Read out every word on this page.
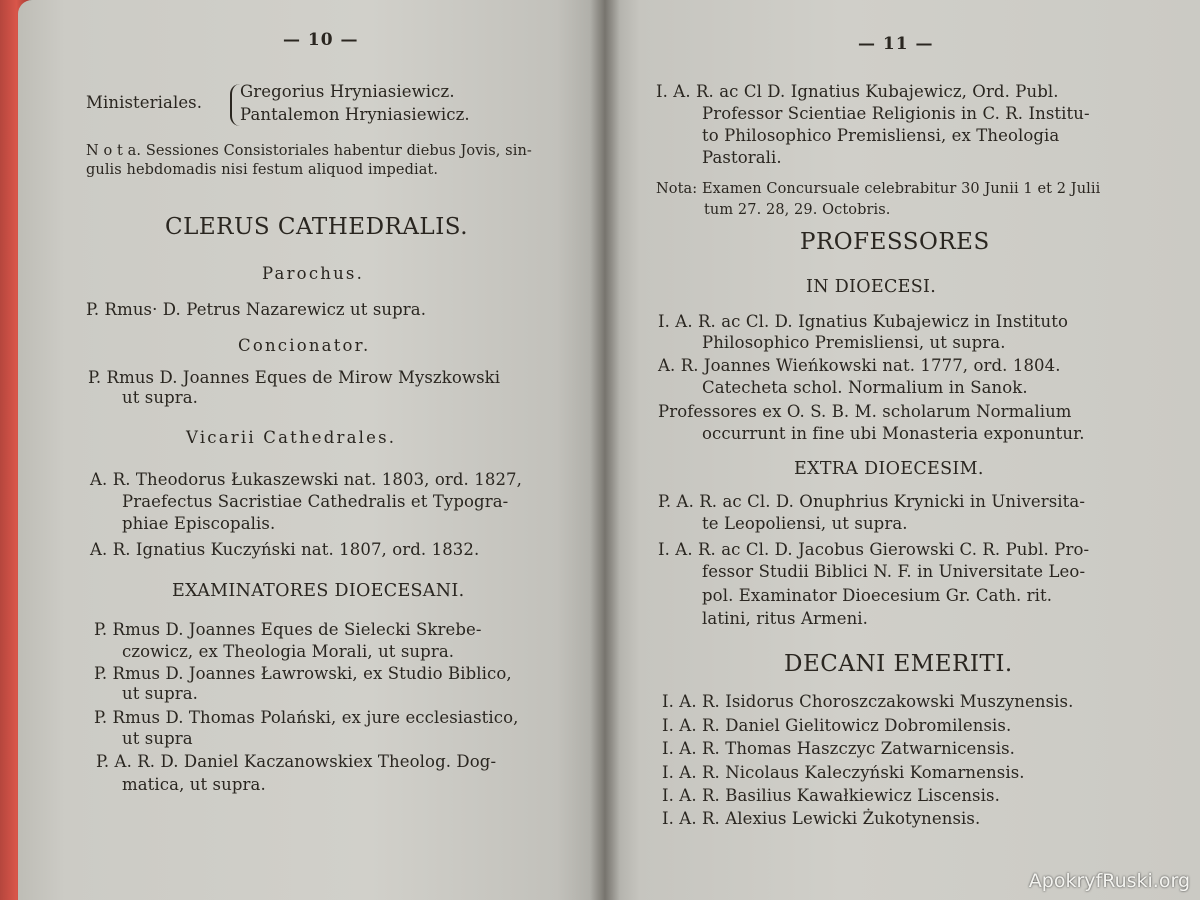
— 10 —
Ministeriales.
Gregorius Hryniasiewicz.
Pantalemon Hryniasiewicz.
N o t a. Sessiones Consistoriales habentur diebus Jovis, sin-
gulis hebdomadis nisi festum aliquod impediat.
CLERUS CATHEDRALIS.
Parochus.
P. Rmus· D. Petrus Nazarewicz ut supra.
Concionator.
P. Rmus D. Joannes Eques de Mirow Myszkowski
ut supra.
Vicarii Cathedrales.
A. R. Theodorus Łukaszewski nat. 1803, ord. 1827,
Praefectus Sacristiae Cathedralis et Typogra-
phiae Episcopalis.
A. R. Ignatius Kuczyński nat. 1807, ord. 1832.
EXAMINATORES DIOECESANI.
P. Rmus D. Joannes Eques de Sielecki Skrebe-
czowicz, ex Theologia Morali, ut supra.
P. Rmus D. Joannes Ławrowski, ex Studio Biblico,
ut supra.
P. Rmus D. Thomas Polański, ex jure ecclesiastico,
ut supra
P. A. R. D. Daniel Kaczanowskiex Theolog. Dog-
matica, ut supra.
— 11 —
I. A. R. ac Cl D. Ignatius Kubajewicz, Ord. Publ.
Professor Scientiae Religionis in C. R. Institu-
to Philosophico Premisliensi, ex Theologia
Pastorali.
Nota: Examen Concursuale celebrabitur 30 Junii 1 et 2 Julii
tum 27. 28, 29. Octobris.
PROFESSORES
IN DIOECESI.
I. A. R. ac Cl. D. Ignatius Kubajewicz in Instituto
Philosophico Premisliensi, ut supra.
A. R. Joannes Wieńkowski nat. 1777, ord. 1804.
Catecheta schol. Normalium in Sanok.
Professores ex O. S. B. M. scholarum Normalium
occurrunt in fine ubi Monasteria exponuntur.
EXTRA DIOECESIM.
P. A. R. ac Cl. D. Onuphrius Krynicki in Universita-
te Leopoliensi, ut supra.
I. A. R. ac Cl. D. Jacobus Gierowski C. R. Publ. Pro-
fessor Studii Biblici N. F. in Universitate Leo-
pol. Examinator Dioecesium Gr. Cath. rit.
latini, ritus Armeni.
DECANI EMERITI.
I. A. R. Isidorus Choroszczakowski Muszynensis.
I. A. R. Daniel Gielitowicz Dobromilensis.
I. A. R. Thomas Haszczyc Zatwarnicensis.
I. A. R. Nicolaus Kaleczyński Komarnensis.
I. A. R. Basilius Kawałkiewicz Liscensis.
I. A. R. Alexius Lewicki Żukotynensis.
ApokryfRuski.org
